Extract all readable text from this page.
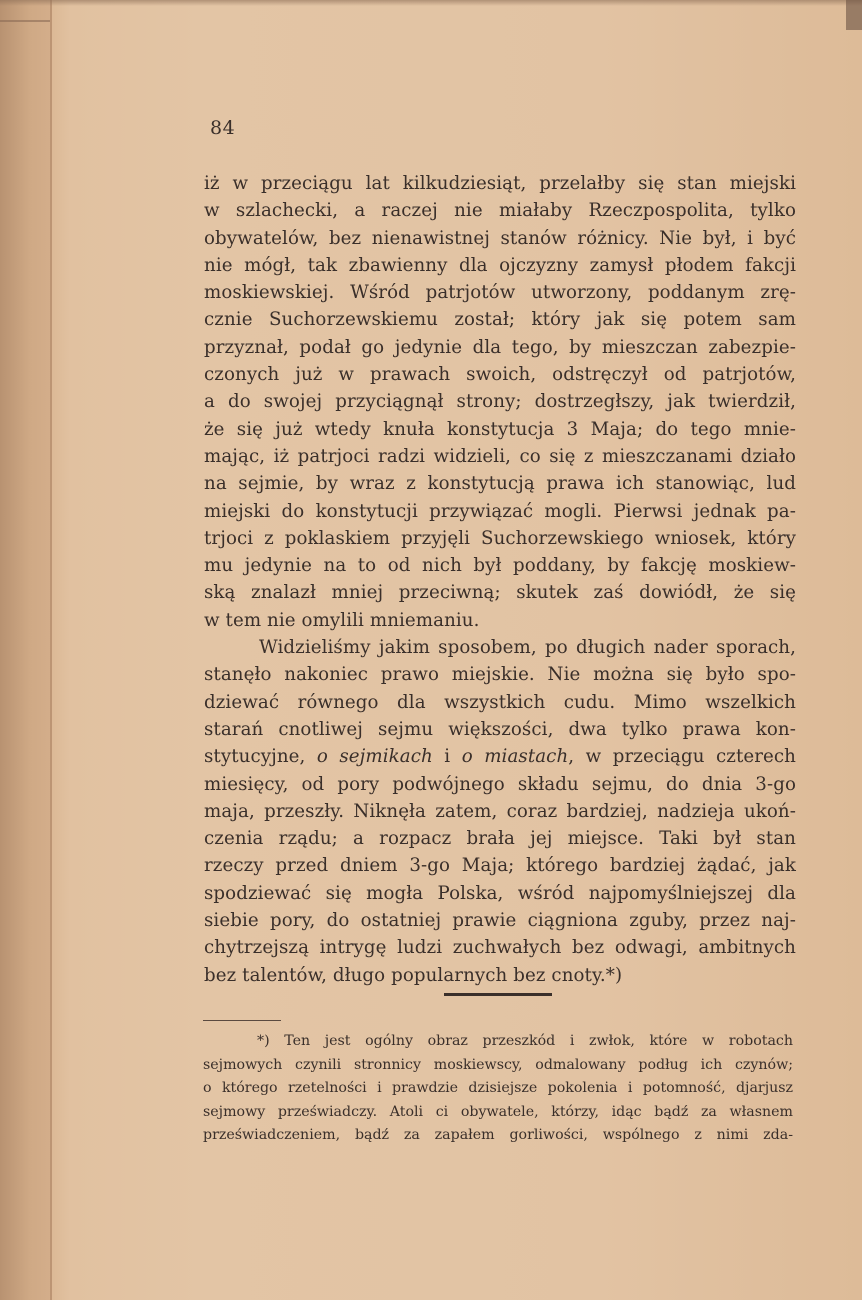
84
iż w przeciągu lat kilkudziesiąt, przelałby się stan miejski
w szlachecki, a raczej nie miałaby Rzeczpospolita, tylko
obywatelów, bez nienawistnej stanów różnicy. Nie był, i być
nie mógł, tak zbawienny dla ojczyzny zamysł płodem fakcji
moskiewskiej. Wśród patrjotów utworzony, poddanym zrę-
cznie Suchorzewskiemu został; który jak się potem sam
przyznał, podał go jedynie dla tego, by mieszczan zabezpie-
czonych już w prawach swoich, odstręczył od patrjotów,
a do swojej przyciągnął strony; dostrzegłszy, jak twierdził,
że się już wtedy knuła konstytucja 3 Maja; do tego mnie-
mając, iż patrjoci radzi widzieli, co się z mieszczanami działo
na sejmie, by wraz z konstytucją prawa ich stanowiąc, lud
miejski do konstytucji przywiązać mogli. Pierwsi jednak pa-
trjoci z poklaskiem przyjęli Suchorzewskiego wniosek, który
mu jedynie na to od nich był poddany, by fakcję moskiew-
ską znalazł mniej przeciwną; skutek zaś dowiódł, że się
w tem nie omylili mniemaniu.
Widzieliśmy jakim sposobem, po długich nader sporach,
stanęło nakoniec prawo miejskie. Nie można się było spo-
dziewać równego dla wszystkich cudu. Mimo wszelkich
starań cnotliwej sejmu większości, dwa tylko prawa kon-
stytucyjne, o sejmikach i o miastach, w przeciągu czterech
miesięcy, od pory podwójnego składu sejmu, do dnia 3-go
maja, przeszły. Niknęła zatem, coraz bardziej, nadzieja ukoń-
czenia rządu; a rozpacz brała jej miejsce. Taki był stan
rzeczy przed dniem 3-go Maja; którego bardziej żądać, jak
spodziewać się mogła Polska, wśród najpomyślniejszej dla
siebie pory, do ostatniej prawie ciągniona zguby, przez naj-
chytrzejszą intrygę ludzi zuchwałych bez odwagi, ambitnych
bez talentów, długo popularnych bez cnoty.*)
*) Ten jest ogólny obraz przeszkód i zwłok, które w robotach
sejmowych czynili stronnicy moskiewscy, odmalowany podług ich czynów;
o którego rzetelności i prawdzie dzisiejsze pokolenia i potomność, djarjusz
sejmowy przeświadczy. Atoli ci obywatele, którzy, idąc bądź za własnem
przeświadczeniem, bądź za zapałem gorliwości, wspólnego z nimi zda-
